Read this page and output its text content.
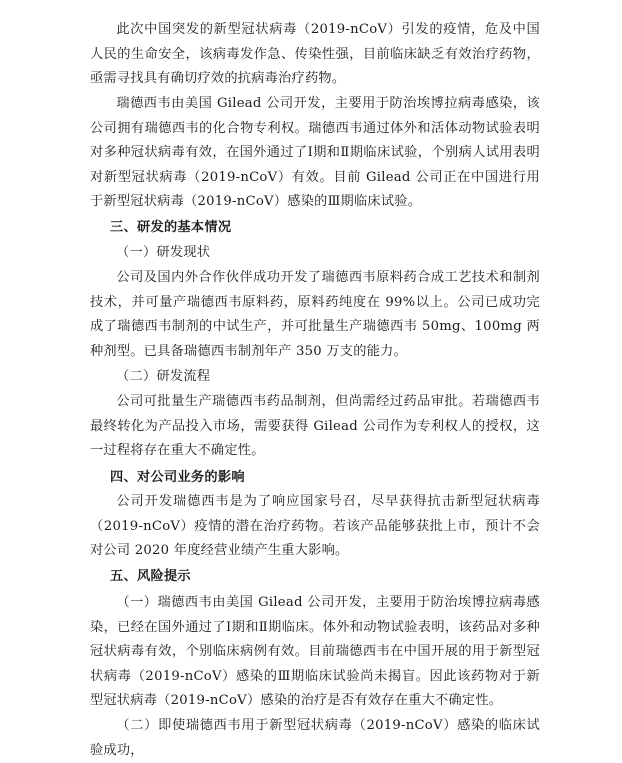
此次中国突发的新型冠状病毒（2019-nCoV）引发的疫情，危及中国人民的生命安全，该病毒发作急、传染性强，目前临床缺乏有效治疗药物，亟需寻找具有确切疗效的抗病毒治疗药物。

瑞德西韦由美国 Gilead 公司开发，主要用于防治埃博拉病毒感染，该公司拥有瑞德西韦的化合物专利权。瑞德西韦通过体外和活体动物试验表明对多种冠状病毒有效，在国外通过了Ⅰ期和Ⅱ期临床试验，个别病人试用表明对新型冠状病毒（2019-nCoV）有效。目前 Gilead 公司正在中国进行用于新型冠状病毒（2019-nCoV）感染的Ⅲ期临床试验。

三、研发的基本情况

（一）研发现状

公司及国内外合作伙伴成功开发了瑞德西韦原料药合成工艺技术和制剂技术，并可量产瑞德西韦原料药，原料药纯度在 99%以上。公司已成功完成了瑞德西韦制剂的中试生产，并可批量生产瑞德西韦 50mg、100mg 两种剂型。已具备瑞德西韦制剂年产 350 万支的能力。

（二）研发流程

公司可批量生产瑞德西韦药品制剂，但尚需经过药品审批。若瑞德西韦最终转化为产品投入市场，需要获得 Gilead 公司作为专利权人的授权，这一过程将存在重大不确定性。

四、对公司业务的影响

公司开发瑞德西韦是为了响应国家号召，尽早获得抗击新型冠状病毒（2019-nCoV）疫情的潜在治疗药物。若该产品能够获批上市，预计不会对公司 2020 年度经营业绩产生重大影响。

五、风险提示

（一）瑞德西韦由美国 Gilead 公司开发，主要用于防治埃博拉病毒感染，已经在国外通过了Ⅰ期和Ⅱ期临床。体外和动物试验表明，该药品对多种冠状病毒有效，个别临床病例有效。目前瑞德西韦在中国开展的用于新型冠状病毒（2019-nCoV）感染的Ⅲ期临床试验尚未揭盲。因此该药物对于新型冠状病毒（2019-nCoV）感染的治疗是否有效存在重大不确定性。

（二）即使瑞德西韦用于新型冠状病毒（2019-nCoV）感染的临床试验成功，
